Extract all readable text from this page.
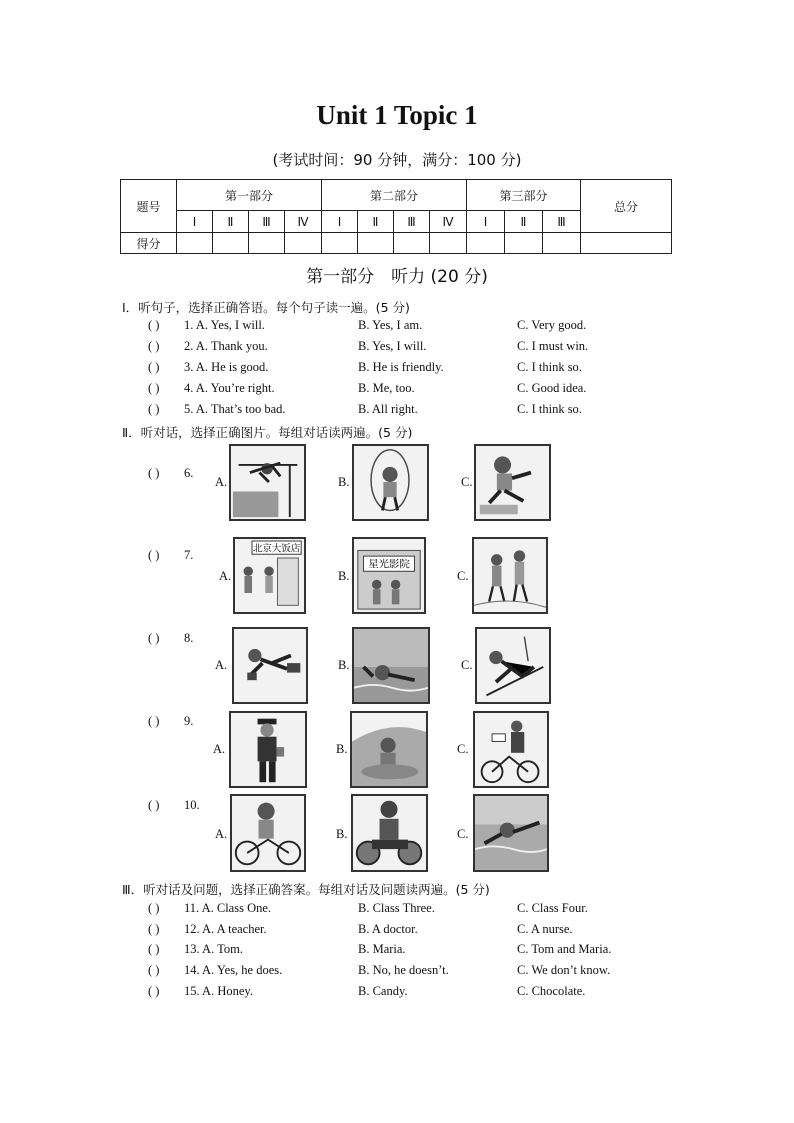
Unit 1 Topic 1
(考试时间：90 分钟，满分：100 分)
题号	第一部分				第二部分				第三部分			总分
	Ⅰ	Ⅱ	Ⅲ	Ⅳ	Ⅰ	Ⅱ	Ⅲ	Ⅳ	Ⅰ	Ⅱ	Ⅲ	
得分												
第一部分　听力 (20 分)
Ⅰ．听句子，选择正确答语。每个句子读一遍。(5 分)
( ) 1. A. Yes, I will.	B. Yes, I am.	C. Very good.
( ) 2. A. Thank you.	B. Yes, I will.	C. I must win.
( ) 3. A. He is good.	B. He is friendly.	C. I think so.
( ) 4. A. You’re right.	B. Me, too.	C. Good idea.
( ) 5. A. That’s too bad.	B. All right.	C. I think so.
Ⅱ．听对话，选择正确图片。每组对话读两遍。(5 分)
( ) 6.
A.	B.	C.
( ) 7.
A.
北京大饭店
B.
星光影院
C.
( ) 8.
A.	B.	C.
( ) 9.
A.	B.	C.
( ) 10.
A.	B.	C.
Ⅲ．听对话及问题，选择正确答案。每组对话及问题读两遍。(5 分)
( ) 11. A. Class One.	B. Class Three.	C. Class Four.
( ) 12. A. A teacher.	B. A doctor.	C. A nurse.
( ) 13. A. Tom.	B. Maria.	C. Tom and Maria.
( ) 14. A. Yes, he does.	B. No, he doesn’t.	C. We don’t know.
( ) 15. A. Honey.	B. Candy.	C. Chocolate.
